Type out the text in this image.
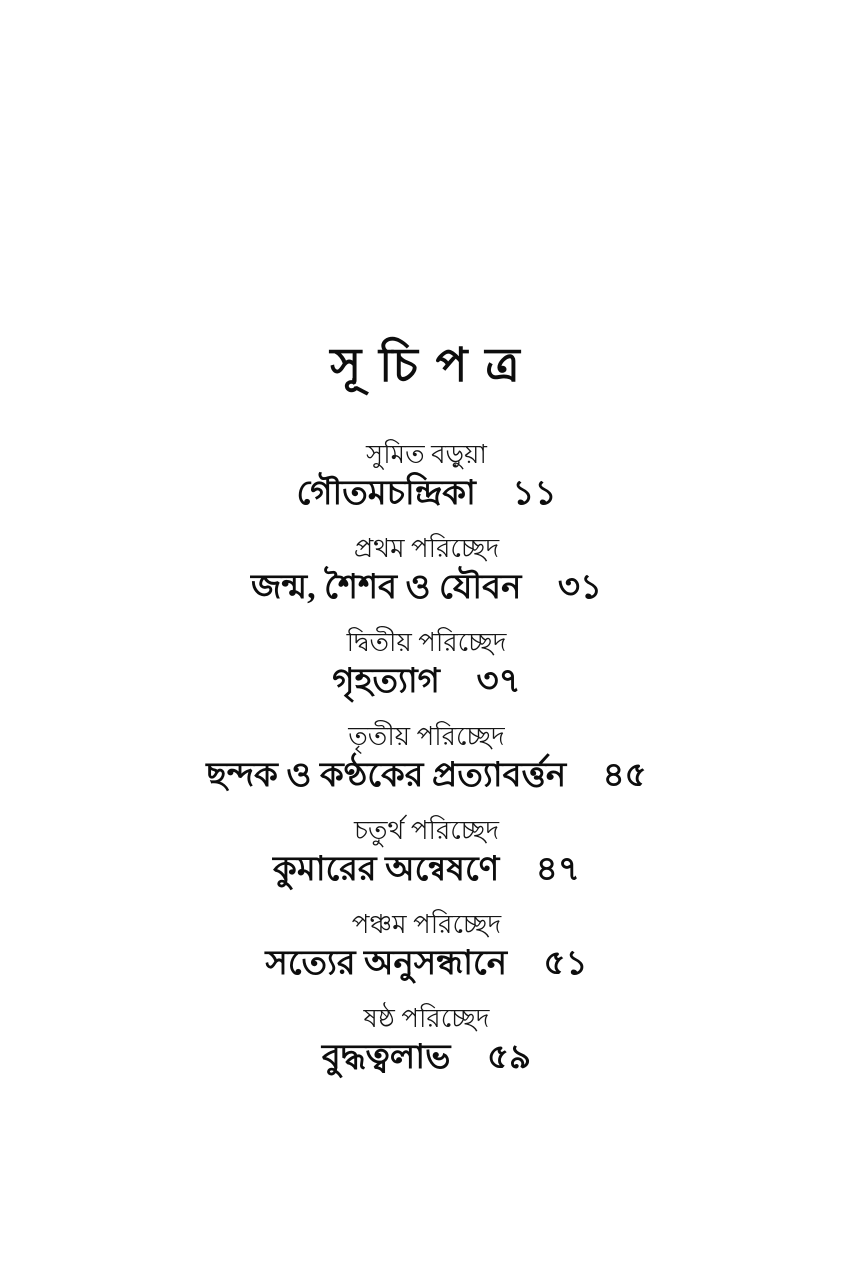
সূ চি প ত্র
সুমিত বড়ুয়া
গৌতমচন্দ্রিকা ১১
প্রথম পরিচ্ছেদ
জন্ম, শৈশব ও যৌবন ৩১
দ্বিতীয় পরিচ্ছেদ
গৃহত্যাগ ৩৭
তৃতীয় পরিচ্ছেদ
ছন্দক ও কণ্ঠকের প্রত্যাবর্ত্তন ৪৫
চতুর্থ পরিচ্ছেদ
কুমারের অন্বেষণে ৪৭
পঞ্চম পরিচ্ছেদ
সত্যের অনুসন্ধানে ৫১
ষষ্ঠ পরিচ্ছেদ
বুদ্ধত্বলাভ ৫৯
